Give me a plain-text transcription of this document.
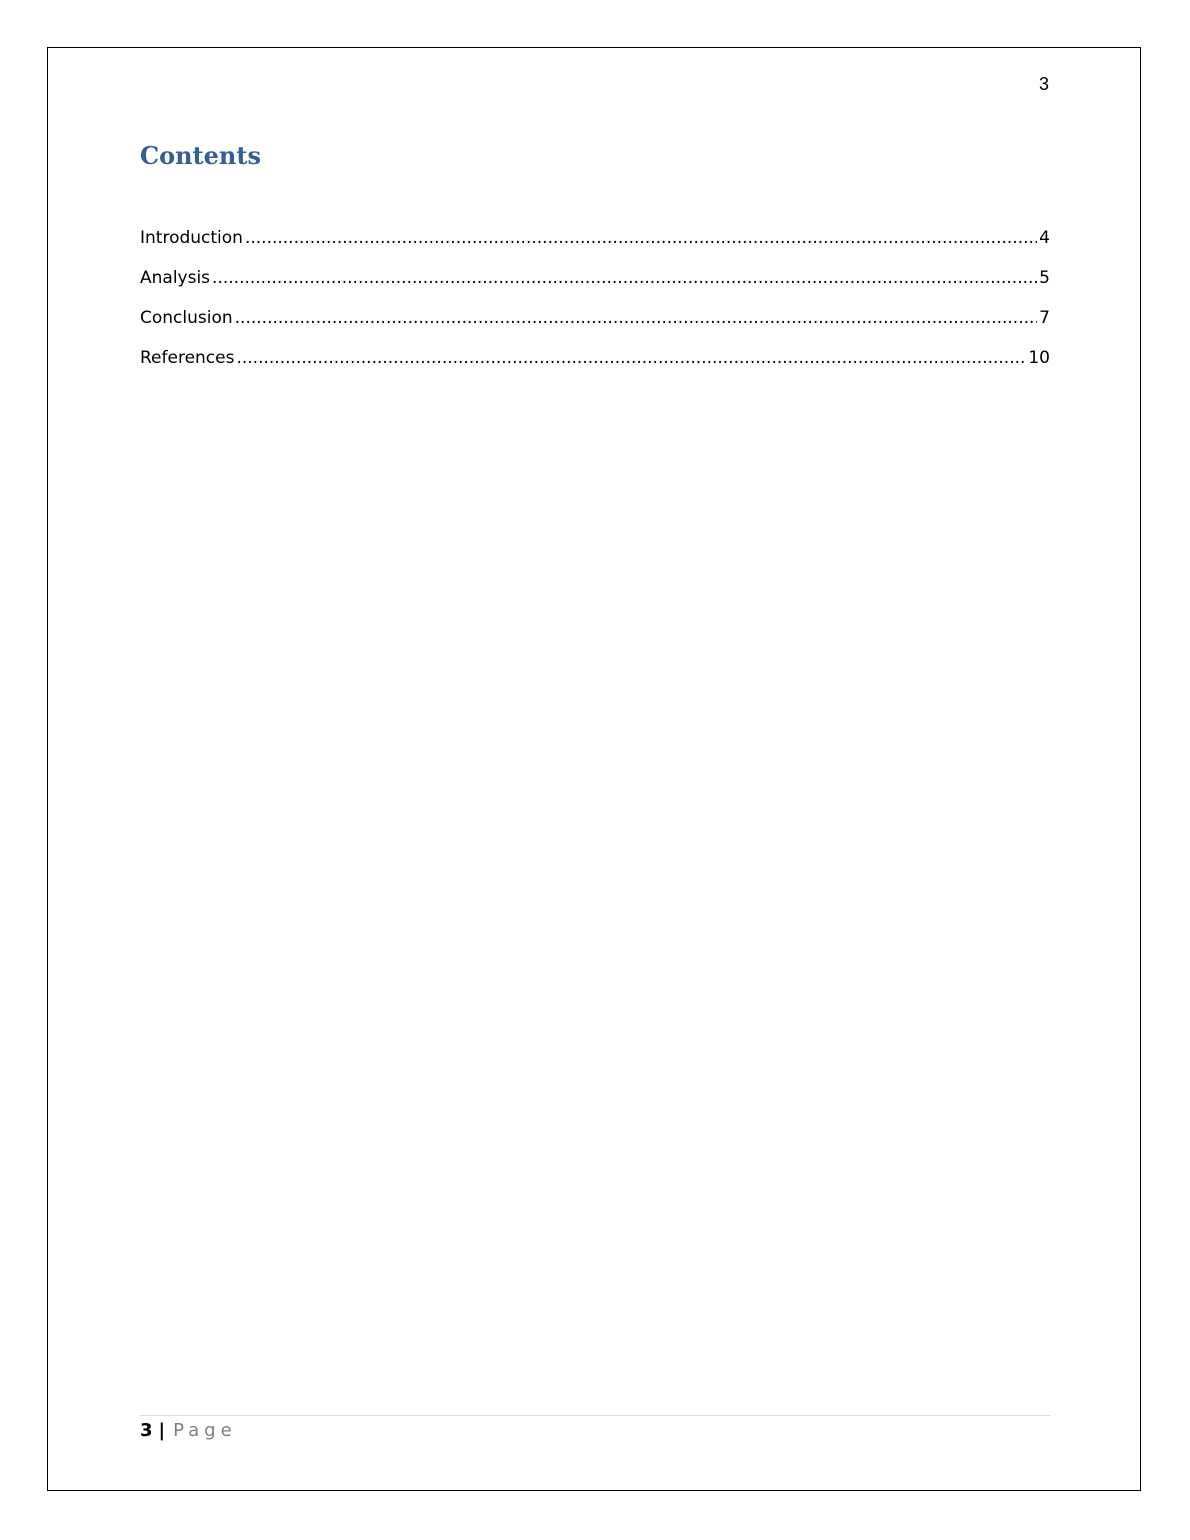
3
Contents
Introduction .....	4
Analysis .....	5
Conclusion .....	7
References .....	10
3 | Page
